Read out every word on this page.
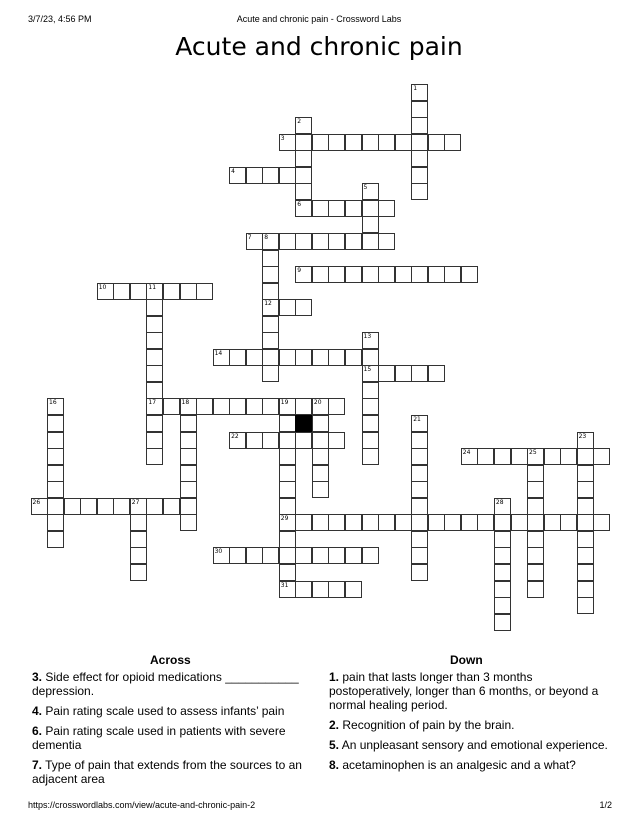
3/7/23, 4:56 PM	Acute and chronic pain - Crossword Labs
Acute and chronic pain
3
4
6
7 8
9
10	11
12
14
15
17	18	19	20
22
24	25
26	27
29
30
31
1
2
5
13
16
21
23
28
Across	Down
3. Side effect for opioid medications ___________ depression.
4. Pain rating scale used to assess infants’ pain
6. Pain rating scale used in patients with severe dementia
7. Type of pain that extends from the sources to an adjacent area
1. pain that lasts longer than 3 months postoperatively, longer than 6 months, or beyond a normal healing period.
2. Recognition of pain by the brain.
5. An unpleasant sensory and emotional experience.
8. acetaminophen is an analgesic and a what?
https://crosswordlabs.com/view/acute-and-chronic-pain-2	1/2
